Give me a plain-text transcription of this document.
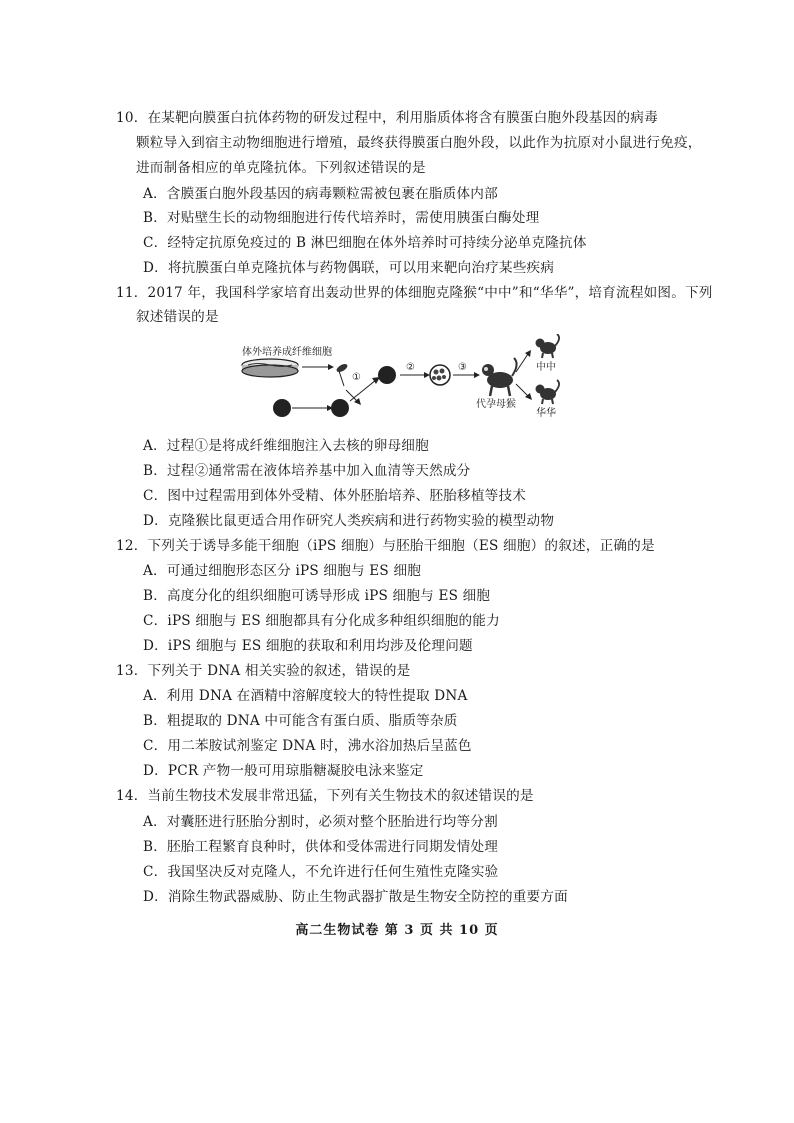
10．在某靶向膜蛋白抗体药物的研发过程中，利用脂质体将含有膜蛋白胞外段基因的病毒
颗粒导入到宿主动物细胞进行增殖，最终获得膜蛋白胞外段，以此作为抗原对小鼠进行免疫，
进而制备相应的单克隆抗体。下列叙述错误的是
A．含膜蛋白胞外段基因的病毒颗粒需被包裹在脂质体内部
B．对贴壁生长的动物细胞进行传代培养时，需使用胰蛋白酶处理
C．经特定抗原免疫过的 B 淋巴细胞在体外培养时可持续分泌单克隆抗体
D．将抗膜蛋白单克隆抗体与药物偶联，可以用来靶向治疗某些疾病
11．2017 年，我国科学家培育出轰动世界的体细胞克隆猴“中中”和“华华”，培育流程如图。下列
叙述错误的是
体外培养成纤维细胞
①
②	③
代孕母猴
中中
华华
A．过程①是将成纤维细胞注入去核的卵母细胞
B．过程②通常需在液体培养基中加入血清等天然成分
C．图中过程需用到体外受精、体外胚胎培养、胚胎移植等技术
D．克隆猴比鼠更适合用作研究人类疾病和进行药物实验的模型动物
12．下列关于诱导多能干细胞（iPS 细胞）与胚胎干细胞（ES 细胞）的叙述，正确的是
A．可通过细胞形态区分 iPS 细胞与 ES 细胞
B．高度分化的组织细胞可诱导形成 iPS 细胞与 ES 细胞
C．iPS 细胞与 ES 细胞都具有分化成多种组织细胞的能力
D．iPS 细胞与 ES 细胞的获取和利用均涉及伦理问题
13．下列关于 DNA 相关实验的叙述，错误的是
A．利用 DNA 在酒精中溶解度较大的特性提取 DNA
B．粗提取的 DNA 中可能含有蛋白质、脂质等杂质
C．用二苯胺试剂鉴定 DNA 时，沸水浴加热后呈蓝色
D．PCR 产物一般可用琼脂糖凝胶电泳来鉴定
14．当前生物技术发展非常迅猛，下列有关生物技术的叙述错误的是
A．对囊胚进行胚胎分割时，必须对整个胚胎进行均等分割
B．胚胎工程繁育良种时，供体和受体需进行同期发情处理
C．我国坚决反对克隆人，不允许进行任何生殖性克隆实验
D．消除生物武器威胁、防止生物武器扩散是生物安全防控的重要方面
高二生物试卷 第 3 页 共 10 页
